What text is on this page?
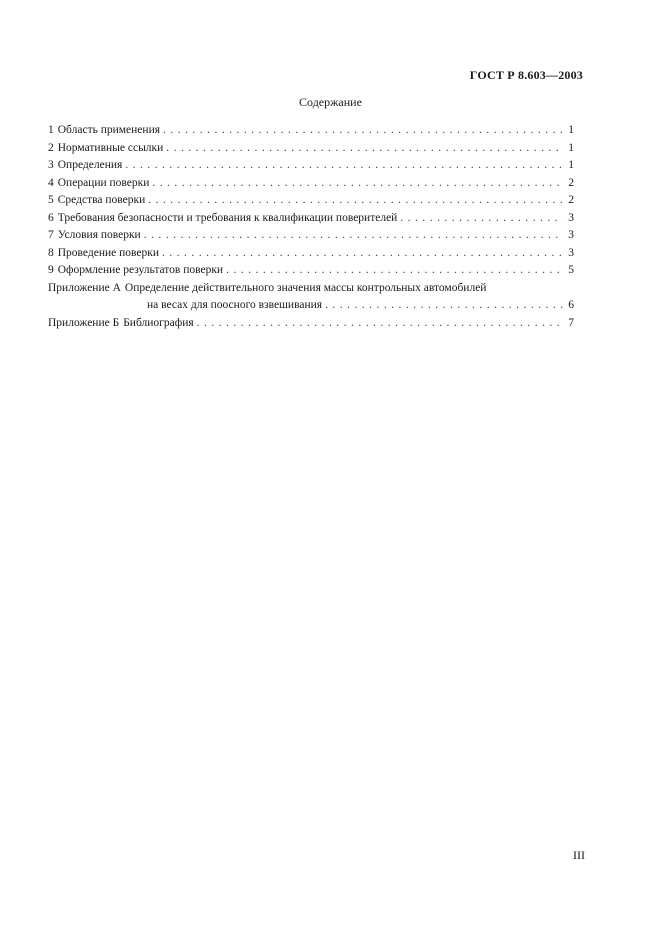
ГОСТ Р 8.603—2003
Содержание
1 Область применения . . .	1
2 Нормативные ссылки . . .	1
3 Определения . . .	1
4 Операции поверки . . .	2
5 Средства поверки . . .	2
6 Требования безопасности и требования к квалификации поверителей . . .	3
7 Условия поверки . . .	3
8 Проведение поверки . . .	3
9 Оформление результатов поверки . . .	5
Приложение А Определение действительного значения массы контрольных автомобилей
на весах для поосного взвешивания . . .	6
Приложение Б Библиография . . .	7
III
